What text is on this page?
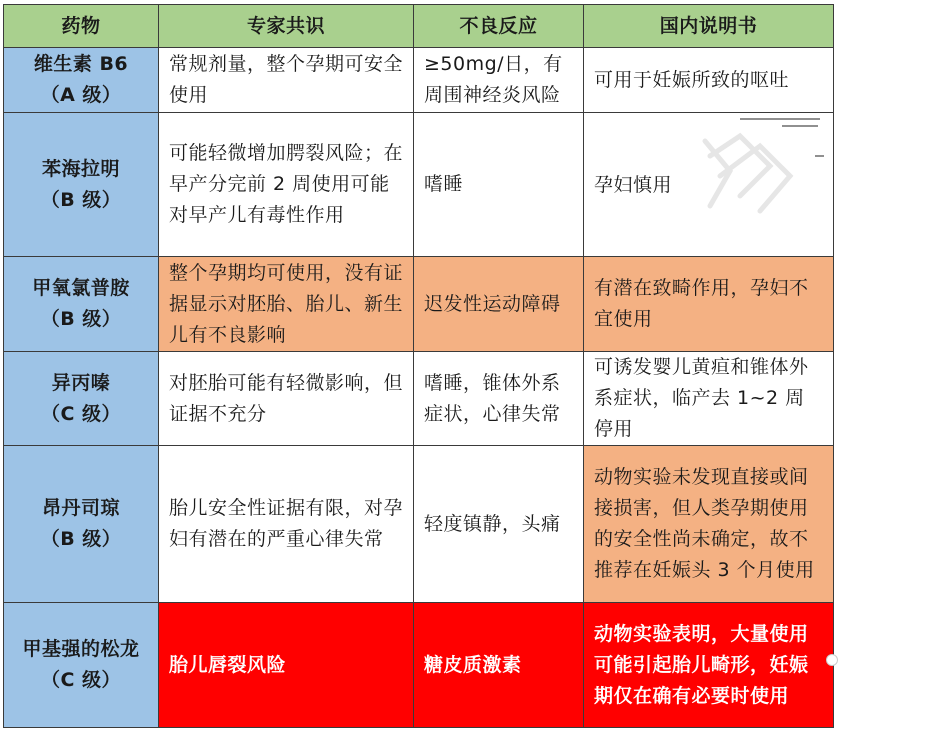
药物	专家共识	不良反应	国内说明书
维生素 B6
（A 级）	常规剂量，整个孕期可安全使用	≥50mg/日，有周围神经炎风险	可用于妊娠所致的呕吐
苯海拉明
（B 级）	可能轻微增加腭裂风险；在早产分完前 2 周使用可能对早产儿有毒性作用	嗜睡	孕妇慎用

甲氧氯普胺
（B 级）	整个孕期均可使用，没有证据显示对胚胎、胎儿、新生儿有不良影响	迟发性运动障碍	有潜在致畸作用，孕妇不宜使用
异丙嗪
（C 级）	对胚胎可能有轻微影响，但证据不充分	嗜睡，锥体外系症状，心律失常	可诱发婴儿黄疸和锥体外系症状，临产去 1~2 周停用
昂丹司琼
（B 级）	胎儿安全性证据有限，对孕妇有潜在的严重心律失常	轻度镇静，头痛	动物实验未发现直接或间接损害，但人类孕期使用的安全性尚未确定，故不推荐在妊娠头 3 个月使用
甲基强的松龙
（C 级）	胎儿唇裂风险	糖皮质激素	动物实验表明，大量使用可能引起胎儿畸形，妊娠期仅在确有必要时使用
